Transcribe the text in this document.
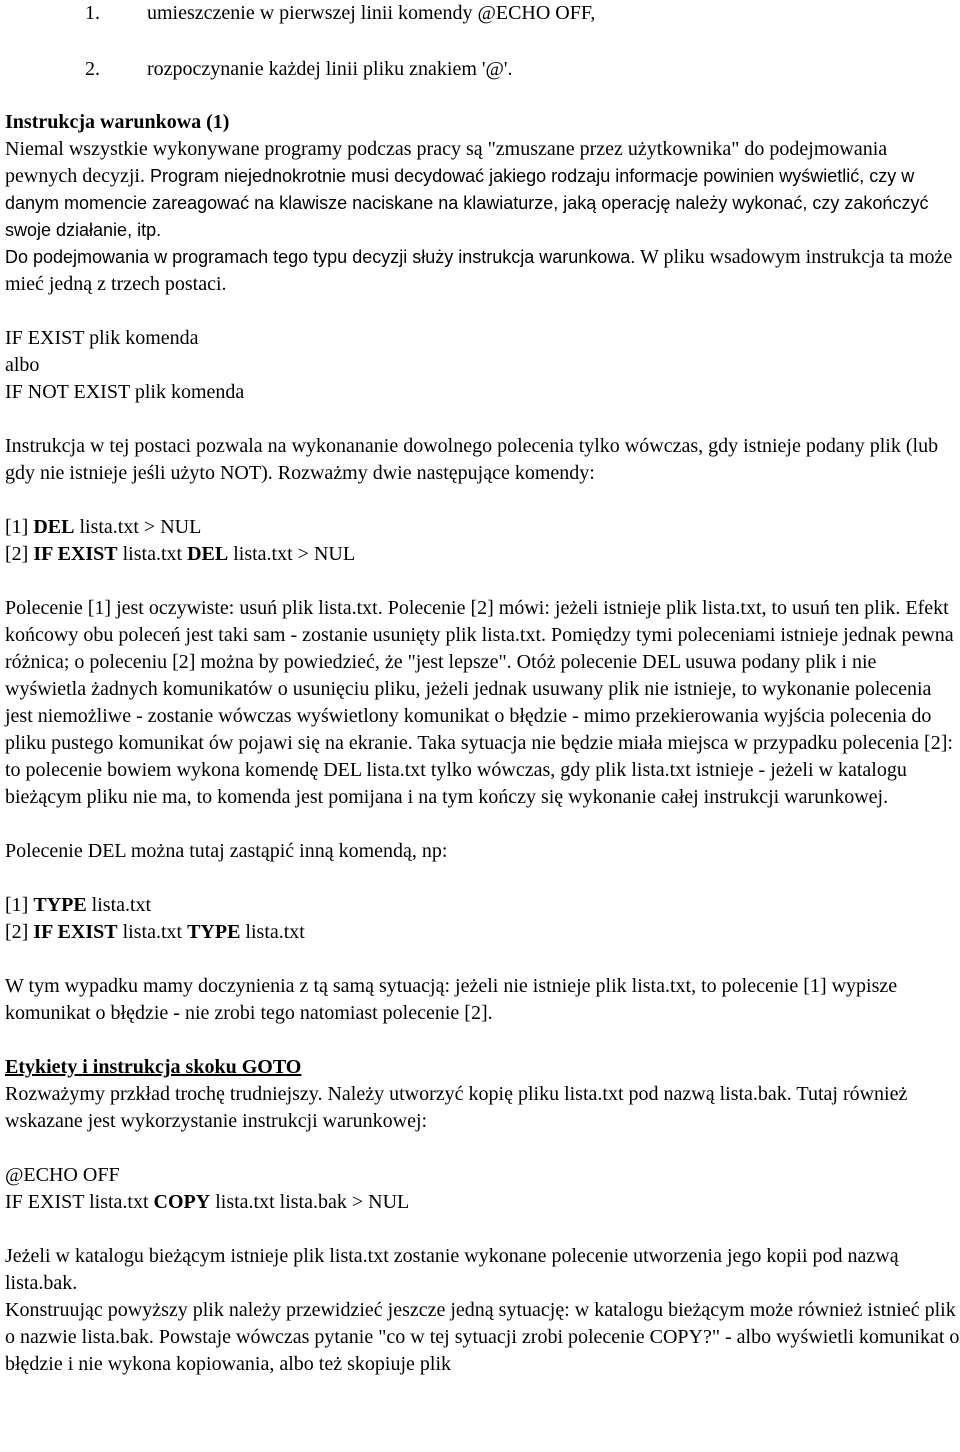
1.	umieszczenie w pierwszej linii komendy @ECHO OFF,
2.	rozpoczynanie każdej linii pliku znakiem '@'.

Instrukcja warunkowa (1)

Niemal wszystkie wykonywane programy podczas pracy są "zmuszane przez użytkownika" do podejmowania pewnych decyzji. Program niejednokrotnie musi decydować jakiego rodzaju informacje powinien wyświetlić, czy w danym momencie zareagować na klawisze naciskane na klawiaturze, jaką operację należy wykonać, czy zakończyć swoje działanie, itp.

Do podejmowania w programach tego typu decyzji służy instrukcja warunkowa. W pliku wsadowym instrukcja ta może mieć jedną z trzech postaci.

IF EXIST plik komenda

albo

IF NOT EXIST plik komenda

Instrukcja w tej postaci pozwala na wykonananie dowolnego polecenia tylko wówczas, gdy istnieje podany plik (lub gdy nie istnieje jeśli użyto NOT). Rozważmy dwie następujące komendy:

[1] DEL lista.txt > NUL

[2] IF EXIST lista.txt DEL lista.txt > NUL

Polecenie [1] jest oczywiste: usuń plik lista.txt. Polecenie [2] mówi: jeżeli istnieje plik lista.txt, to usuń ten plik. Efekt końcowy obu poleceń jest taki sam - zostanie usunięty plik lista.txt. Pomiędzy tymi poleceniami istnieje jednak pewna różnica; o poleceniu [2] można by powiedzieć, że "jest lepsze". Otóż polecenie DEL usuwa podany plik i nie wyświetla żadnych komunikatów o usunięciu pliku, jeżeli jednak usuwany plik nie istnieje, to wykonanie polecenia jest niemożliwe - zostanie wówczas wyświetlony komunikat o błędzie - mimo przekierowania wyjścia polecenia do pliku pustego komunikat ów pojawi się na ekranie. Taka sytuacja nie będzie miała miejsca w przypadku polecenia [2]: to polecenie bowiem wykona komendę DEL lista.txt tylko wówczas, gdy plik lista.txt istnieje - jeżeli w katalogu bieżącym pliku nie ma, to komenda jest pomijana i na tym kończy się wykonanie całej instrukcji warunkowej.

Polecenie DEL można tutaj zastąpić inną komendą, np:

[1] TYPE lista.txt

[2] IF EXIST lista.txt TYPE lista.txt

W tym wypadku mamy doczynienia z tą samą sytuacją: jeżeli nie istnieje plik lista.txt, to polecenie [1] wypisze komunikat o błędzie - nie zrobi tego natomiast polecenie [2].

Etykiety i instrukcja skoku GOTO

Rozważymy przkład trochę trudniejszy. Należy utworzyć kopię pliku lista.txt pod nazwą lista.bak. Tutaj również wskazane jest wykorzystanie instrukcji warunkowej:

@ECHO OFF

IF EXIST lista.txt COPY lista.txt lista.bak > NUL

Jeżeli w katalogu bieżącym istnieje plik lista.txt zostanie wykonane polecenie utworzenia jego kopii pod nazwą lista.bak.

Konstruując powyższy plik należy przewidzieć jeszcze jedną sytuację: w katalogu bieżącym może również istnieć plik o nazwie lista.bak. Powstaje wówczas pytanie "co w tej sytuacji zrobi polecenie COPY?" - albo wyświetli komunikat o błędzie i nie wykona kopiowania, albo też skopiuje plik
